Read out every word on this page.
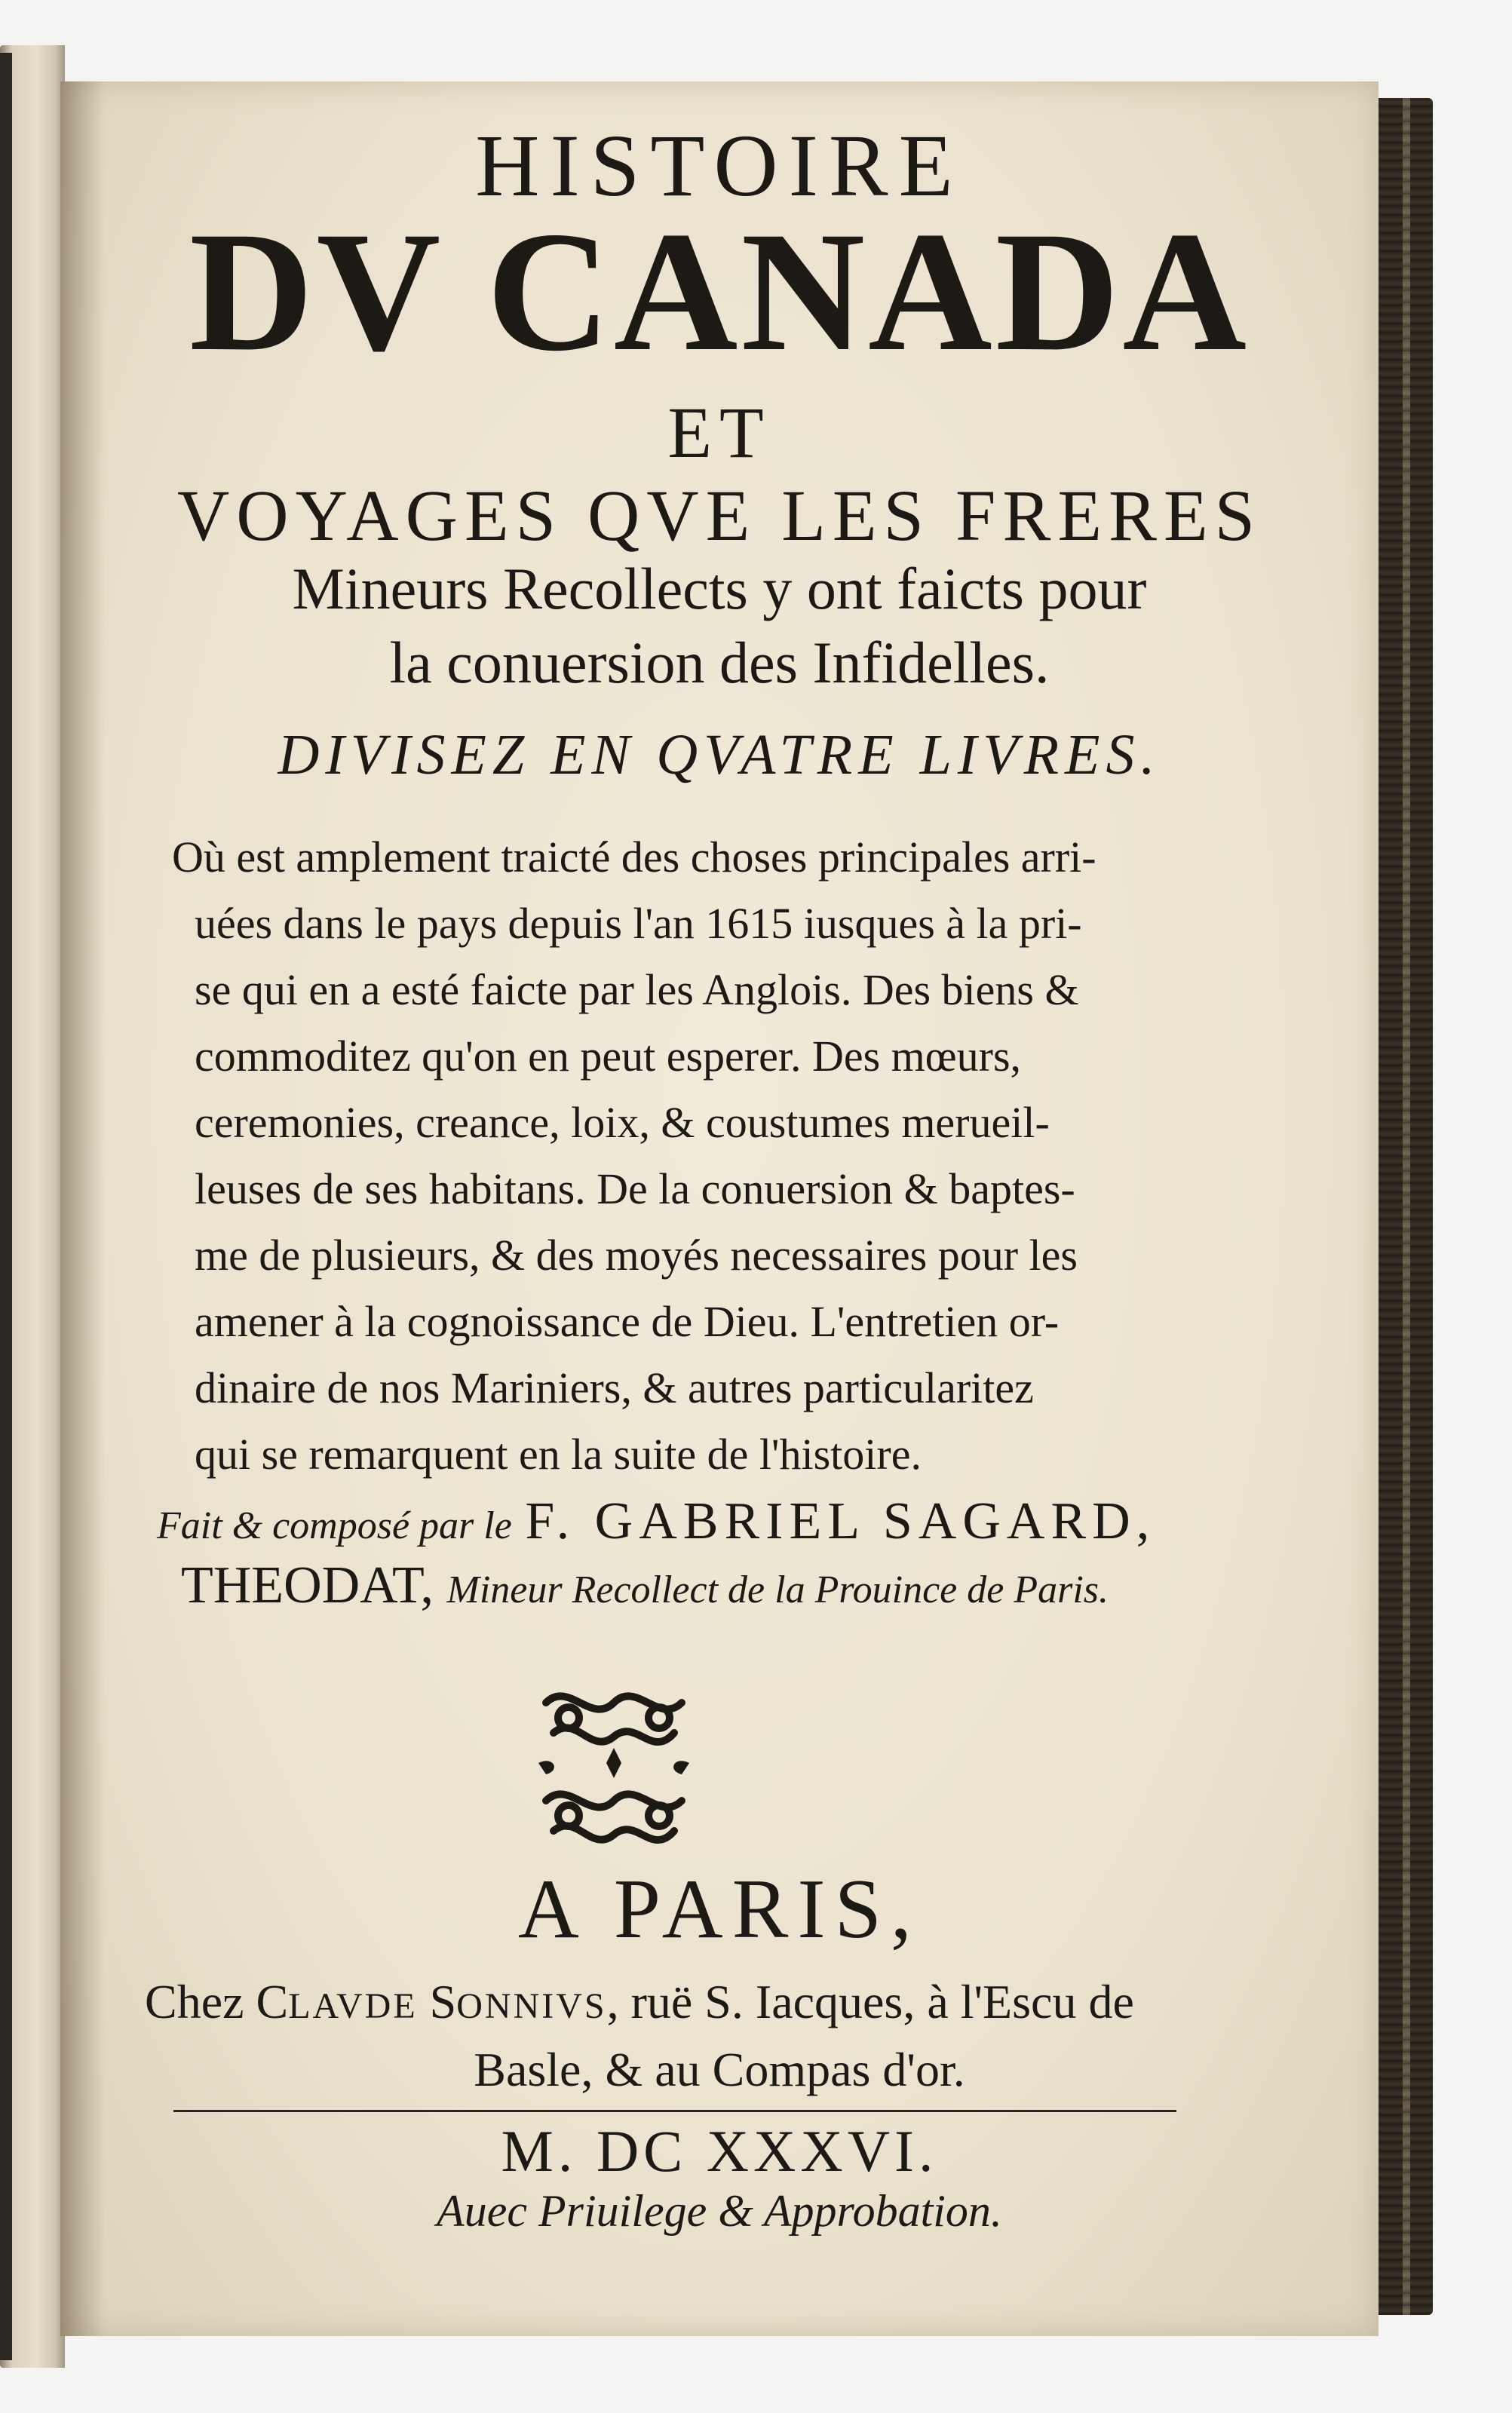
HISTOIRE
DV CANADA
ET
VOYAGES QVE LES FRERES
Mineurs Recollects y ont faicts pour
la conuersion des Infidelles.
DIVISEZ EN QVATRE LIVRES.
Où est amplement traicté des choses principales arri-
uées dans le pays depuis l'an 1615 iusques à la pri-
se qui en a esté faicte par les Anglois. Des biens &
commoditez qu'on en peut esperer. Des mœurs,
ceremonies, creance, loix, & coustumes merueil-
leuses de ses habitans. De la conuersion & baptes-
me de plusieurs, & des moyés necessaires pour les
amener à la cognoissance de Dieu. L'entretien or-
dinaire de nos Mariniers, & autres particularitez
qui se remarquent en la suite de l'histoire.
Fait & composé par le F. GABRIEL SAGARD,
THEODAT, Mineur Recollect de la Prouince de Paris.
A PARIS,
Chez CLAVDE SONNIVS, ruë S. Iacques, à l'Escu de
Basle, & au Compas d'or.
M. DC XXXVI.
Auec Priuilege & Approbation.
